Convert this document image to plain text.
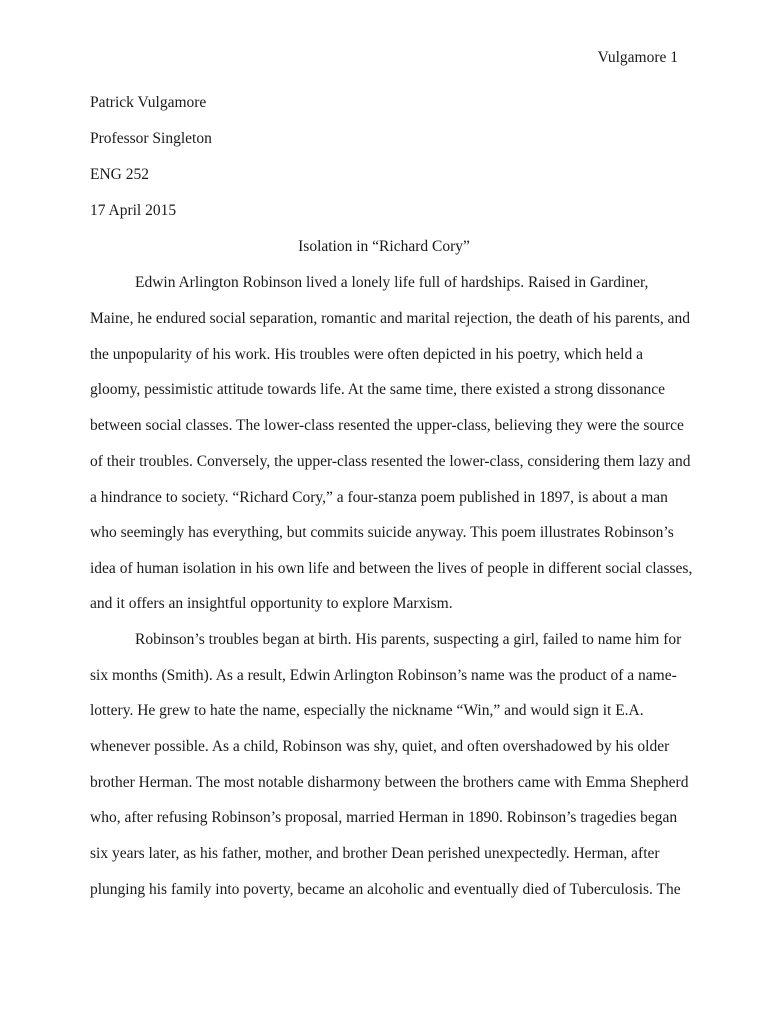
Vulgamore 1
Patrick Vulgamore
Professor Singleton
ENG 252
17 April 2015
Isolation in “Richard Cory”
Edwin Arlington Robinson lived a lonely life full of hardships. Raised in Gardiner,
Maine, he endured social separation, romantic and marital rejection, the death of his parents, and
the unpopularity of his work. His troubles were often depicted in his poetry, which held a
gloomy, pessimistic attitude towards life. At the same time, there existed a strong dissonance
between social classes. The lower-class resented the upper-class, believing they were the source
of their troubles. Conversely, the upper-class resented the lower-class, considering them lazy and
a hindrance to society. “Richard Cory,” a four-stanza poem published in 1897, is about a man
who seemingly has everything, but commits suicide anyway. This poem illustrates Robinson’s
idea of human isolation in his own life and between the lives of people in different social classes,
and it offers an insightful opportunity to explore Marxism.
Robinson’s troubles began at birth. His parents, suspecting a girl, failed to name him for
six months (Smith). As a result, Edwin Arlington Robinson’s name was the product of a name-
lottery. He grew to hate the name, especially the nickname “Win,” and would sign it E.A.
whenever possible. As a child, Robinson was shy, quiet, and often overshadowed by his older
brother Herman. The most notable disharmony between the brothers came with Emma Shepherd
who, after refusing Robinson’s proposal, married Herman in 1890. Robinson’s tragedies began
six years later, as his father, mother, and brother Dean perished unexpectedly. Herman, after
plunging his family into poverty, became an alcoholic and eventually died of Tuberculosis. The
